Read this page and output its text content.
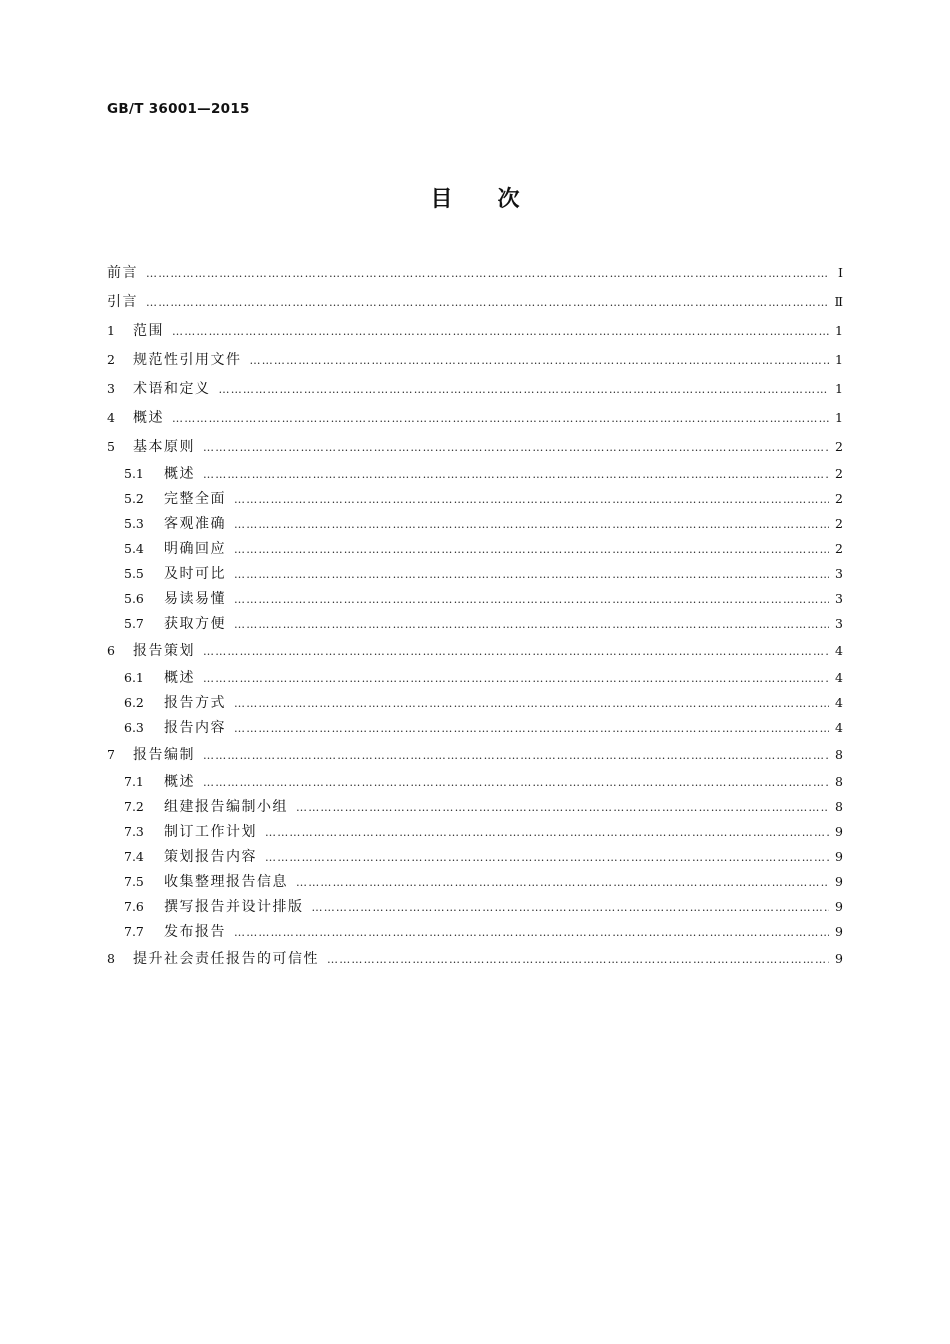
GB/T 36001—2015
目次
前言 …………………………………………………………………………………………………………………………………………………………………………………………………………………………………	Ⅰ
引言 …………………………………………………………………………………………………………………………………………………………………………………………………………………………………	Ⅱ
1	范围 …………………………………………………………………………………………………………………………………………………………………………………………………………………………………	1
2	规范性引用文件 …………………………………………………………………………………………………………………………………………………………………………………………………………………………………	1
3	术语和定义 …………………………………………………………………………………………………………………………………………………………………………………………………………………………………	1
4	概述 …………………………………………………………………………………………………………………………………………………………………………………………………………………………………	1
5	基本原则 …………………………………………………………………………………………………………………………………………………………………………………………………………………………………	2
5.1	概述 …………………………………………………………………………………………………………………………………………………………………………………………………………………………………	2
5.2	完整全面 …………………………………………………………………………………………………………………………………………………………………………………………………………………………………	2
5.3	客观准确 …………………………………………………………………………………………………………………………………………………………………………………………………………………………………	2
5.4	明确回应 …………………………………………………………………………………………………………………………………………………………………………………………………………………………………	2
5.5	及时可比 …………………………………………………………………………………………………………………………………………………………………………………………………………………………………	3
5.6	易读易懂 …………………………………………………………………………………………………………………………………………………………………………………………………………………………………	3
5.7	获取方便 …………………………………………………………………………………………………………………………………………………………………………………………………………………………………	3
6	报告策划 …………………………………………………………………………………………………………………………………………………………………………………………………………………………………	4
6.1	概述 …………………………………………………………………………………………………………………………………………………………………………………………………………………………………	4
6.2	报告方式 …………………………………………………………………………………………………………………………………………………………………………………………………………………………………	4
6.3	报告内容 …………………………………………………………………………………………………………………………………………………………………………………………………………………………………	4
7	报告编制 …………………………………………………………………………………………………………………………………………………………………………………………………………………………………	8
7.1	概述 …………………………………………………………………………………………………………………………………………………………………………………………………………………………………	8
7.2	组建报告编制小组 …………………………………………………………………………………………………………………………………………………………………………………………………………………………………	8
7.3	制订工作计划 …………………………………………………………………………………………………………………………………………………………………………………………………………………………………	9
7.4	策划报告内容 …………………………………………………………………………………………………………………………………………………………………………………………………………………………………	9
7.5	收集整理报告信息 …………………………………………………………………………………………………………………………………………………………………………………………………………………………………	9
7.6	撰写报告并设计排版 …………………………………………………………………………………………………………………………………………………………………………………………………………………………………	9
7.7	发布报告 …………………………………………………………………………………………………………………………………………………………………………………………………………………………………	9
8	提升社会责任报告的可信性 …………………………………………………………………………………………………………………………………………………………………………………………………………………………………	9
